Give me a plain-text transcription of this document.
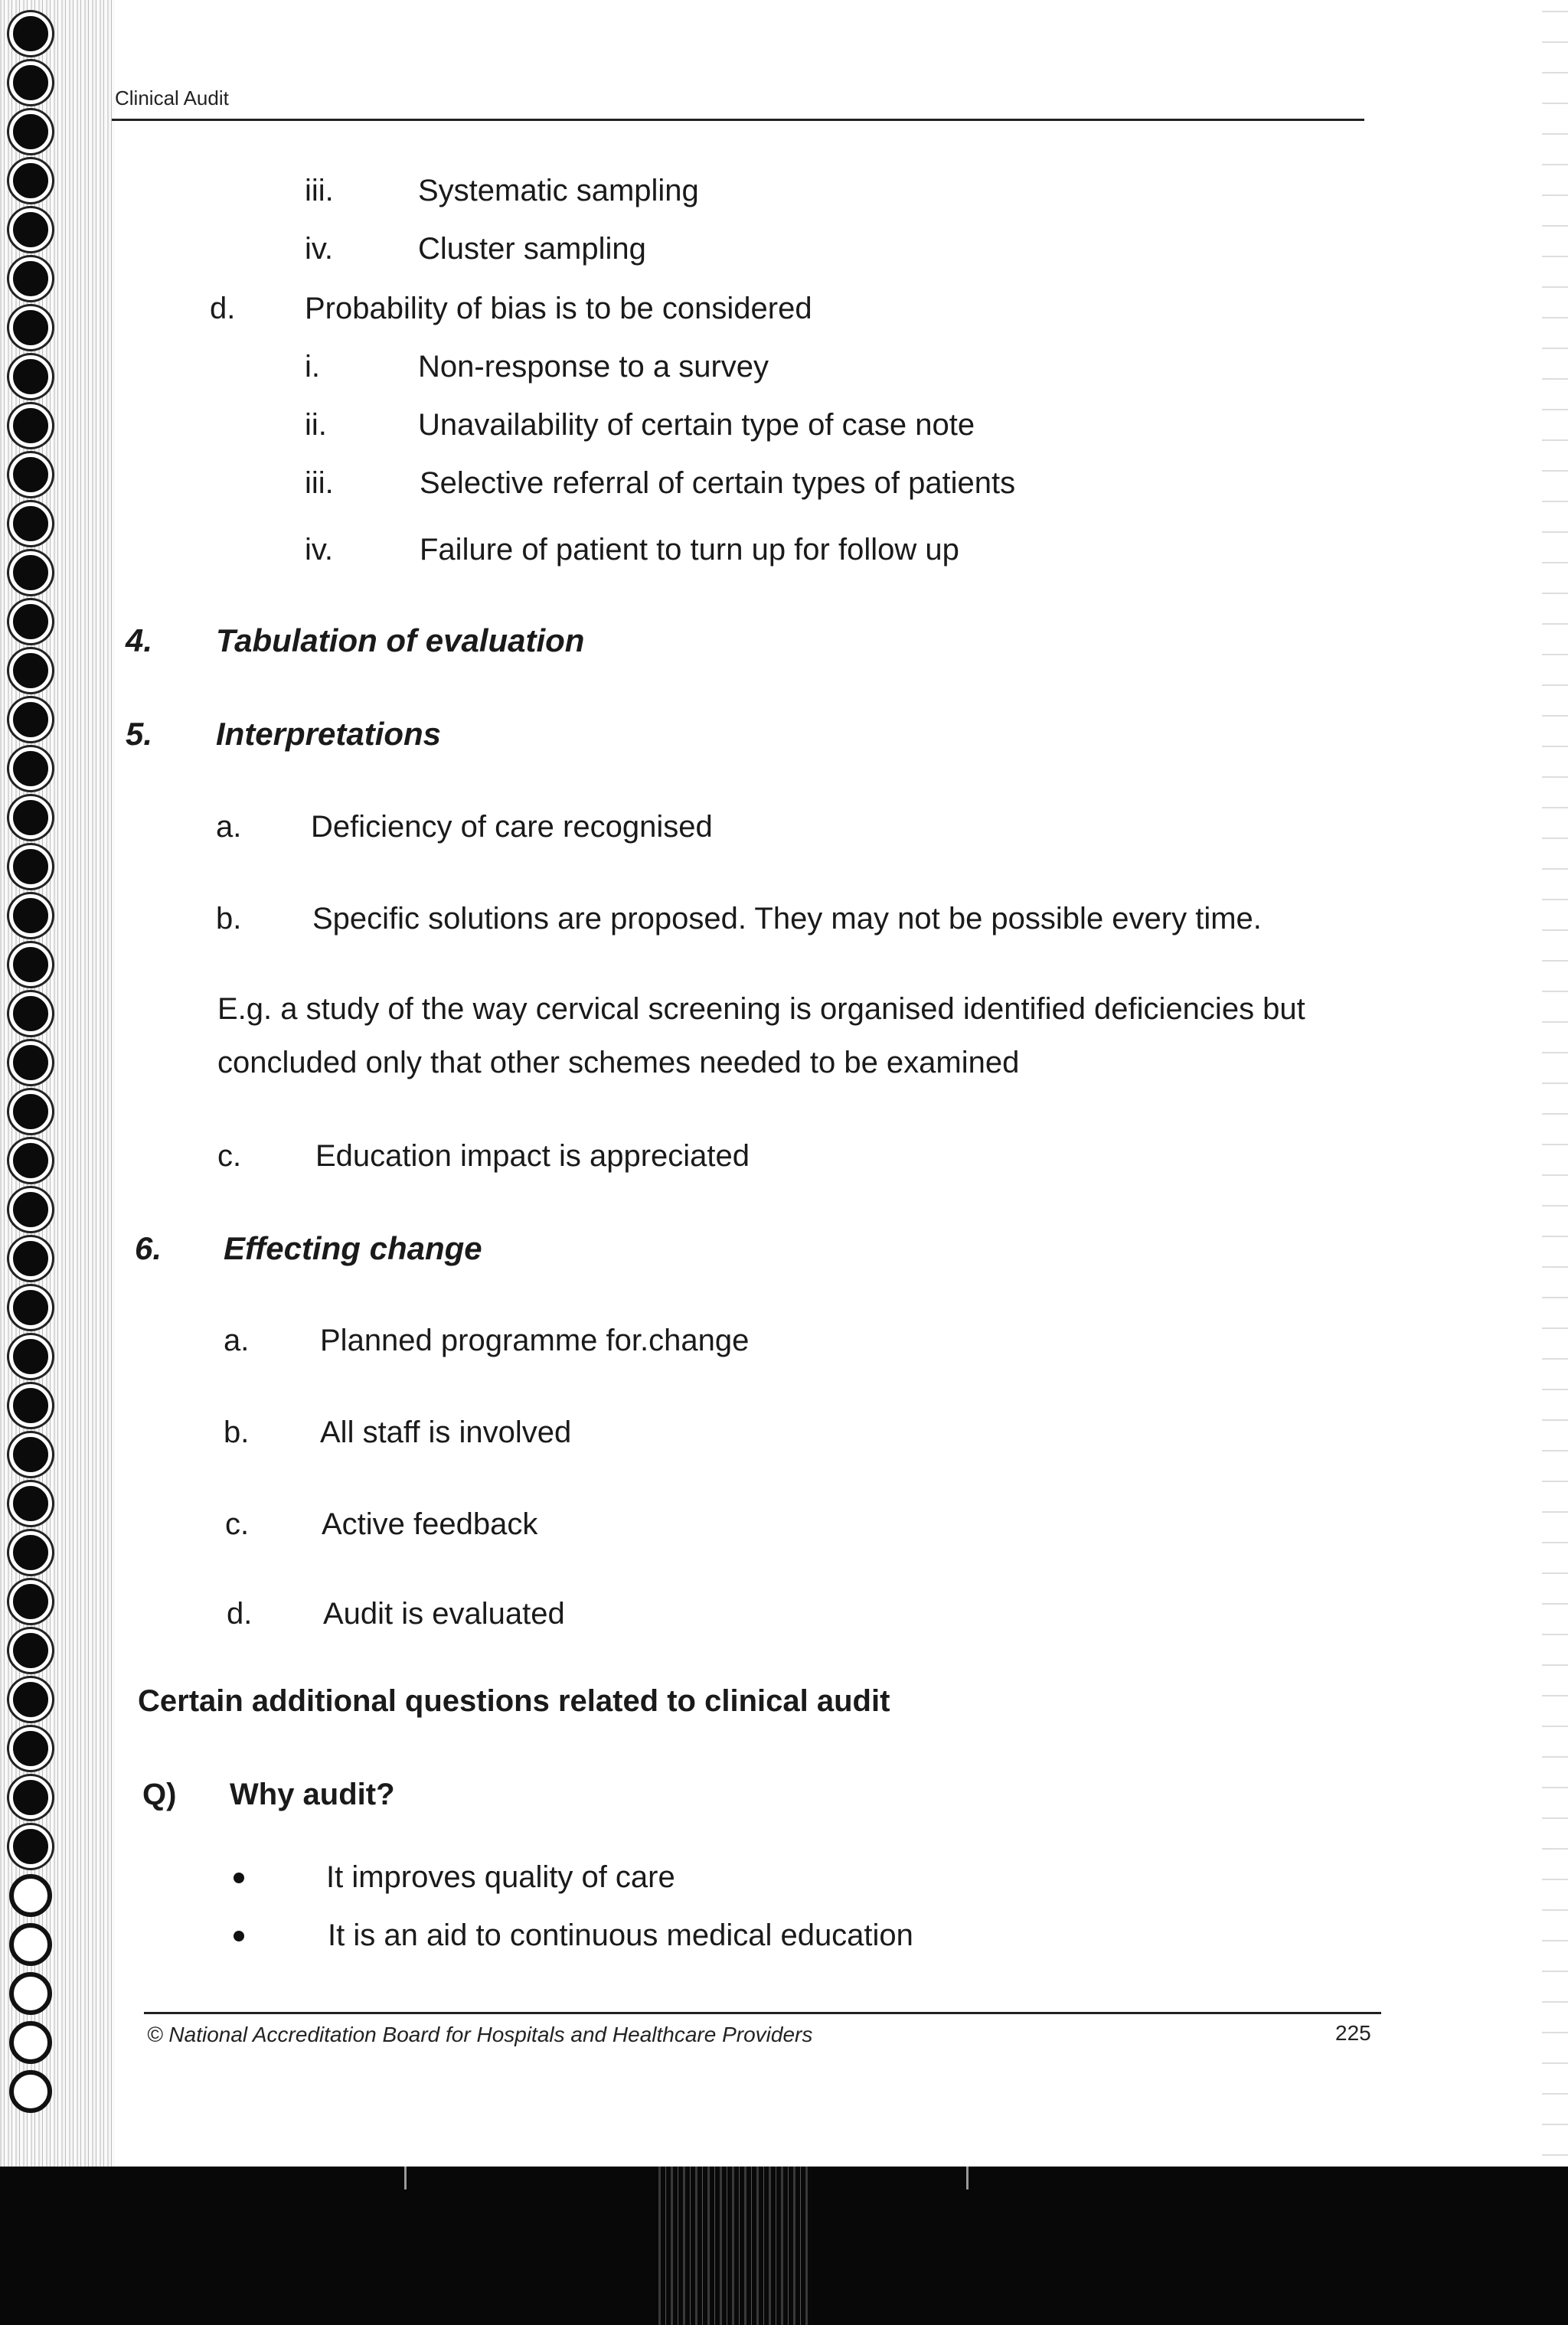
Clinical Audit
iii.	Systematic sampling
iv.	Cluster sampling
d. Probability of bias is to be considered
i.	Non-response to a survey
ii.	Unavailability of certain type of case note
iii.	Selective referral of certain types of patients
iv.	Failure of patient to turn up for follow up
4. Tabulation of evaluation
5. Interpretations
a. Deficiency of care recognised
b. Specific solutions are proposed. They may not be possible every time.
E.g. a study of the way cervical screening is organised identified deficiencies but
concluded only that other schemes needed to be examined
c. Education impact is appreciated
6. Effecting change
a. Planned programme for.change
b. All staff is involved
c. Active feedback
d. Audit is evaluated
Certain additional questions related to clinical audit
Q) Why audit?
It improves quality of care
It is an aid to continuous medical education
© National Accreditation Board for Hospitals and Healthcare Providers	225
